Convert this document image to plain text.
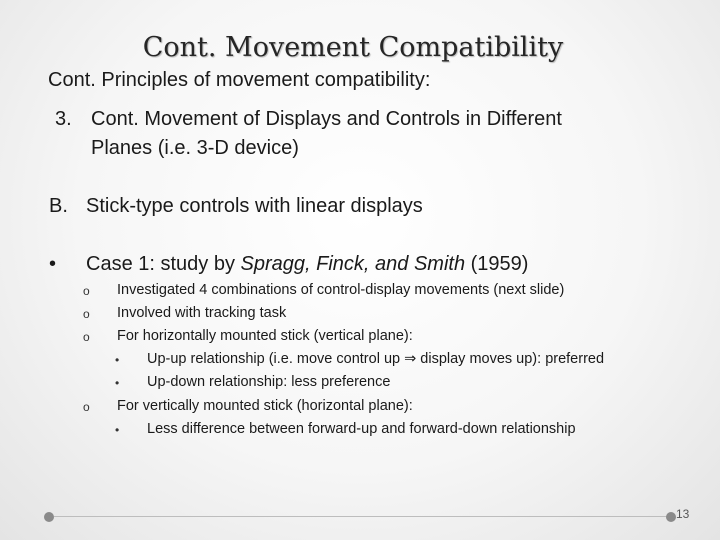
Cont. Movement Compatibility
Cont. Principles of movement compatibility:
3. Cont. Movement of Displays and Controls in Different
Planes (i.e. 3-D device)
B. Stick-type controls with linear displays
• Case 1: study by Spragg, Finck, and Smith (1959)
o Investigated 4 combinations of control-display movements (next slide)
o Involved with tracking task
o For horizontally mounted stick (vertical plane):
• Up-up relationship (i.e. move control up ⇒ display moves up): preferred
• Up-down relationship: less preference
o For vertically mounted stick (horizontal plane):
• Less difference between forward-up and forward-down relationship
13
